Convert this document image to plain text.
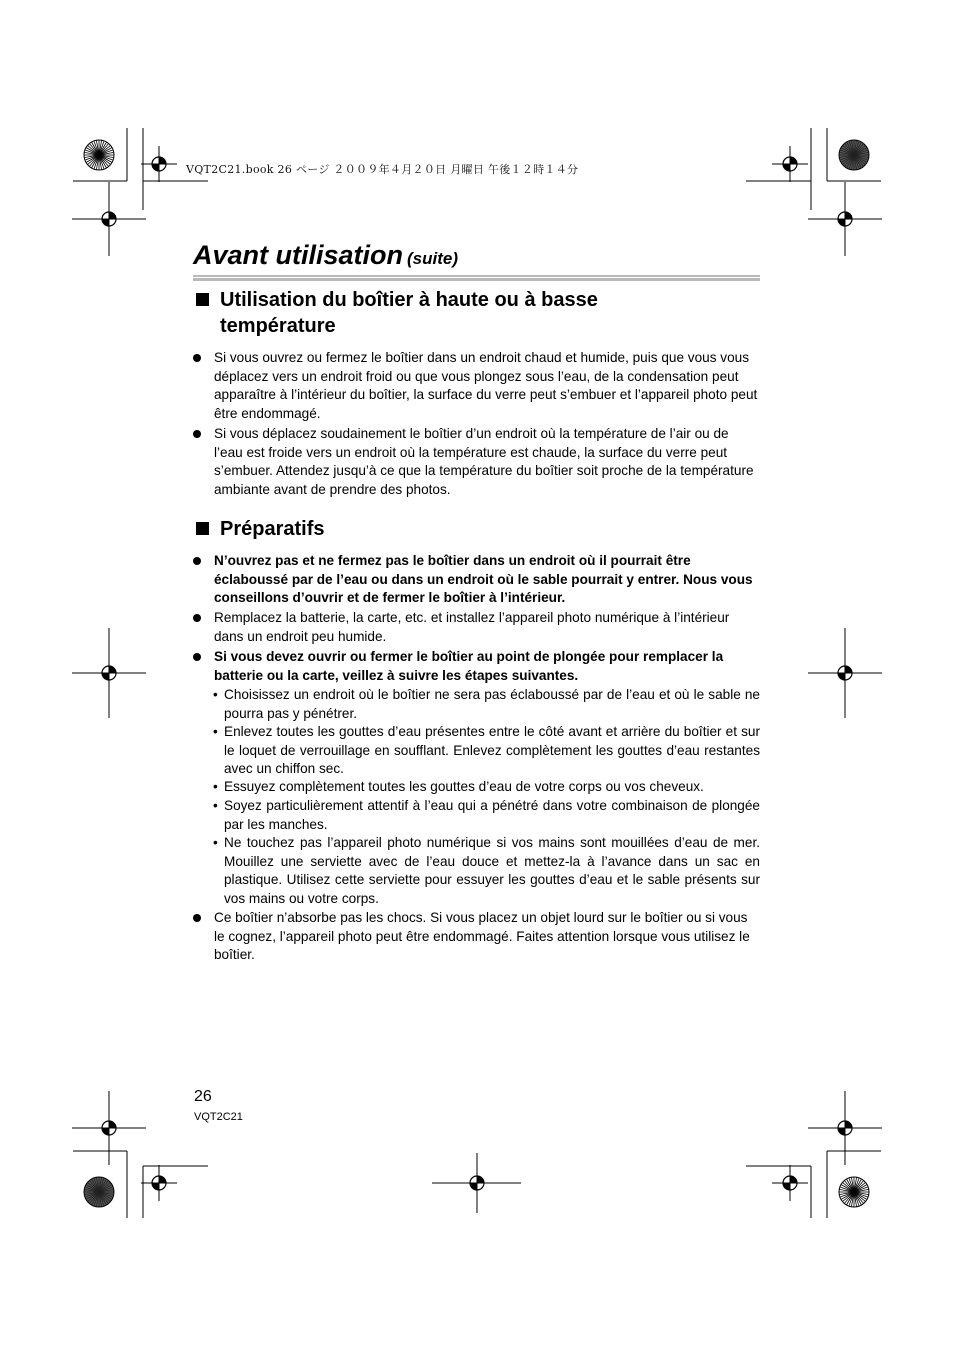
VQT2C21.book 26 ページ ２００９年４月２０日 月曜日 午後１２時１４分
Avant utilisation (suite)
Utilisation du boîtier à haute ou à basse
température
Si vous ouvrez ou fermez le boîtier dans un endroit chaud et humide, puis que vous vous déplacez vers un endroit froid ou que vous plongez sous l’eau, de la condensation peut apparaître à l’intérieur du boîtier, la surface du verre peut s’embuer et l’appareil photo peut être endommagé.
Si vous déplacez soudainement le boîtier d’un endroit où la température de l’air ou de l’eau est froide vers un endroit où la température est chaude, la surface du verre peut s’embuer. Attendez jusqu’à ce que la température du boîtier soit proche de la température ambiante avant de prendre des photos.
Préparatifs
N’ouvrez pas et ne fermez pas le boîtier dans un endroit où il pourrait être éclaboussé par de l’eau ou dans un endroit où le sable pourrait y entrer. Nous vous conseillons d’ouvrir et de fermer le boîtier à l’intérieur.
Remplacez la batterie, la carte, etc. et installez l’appareil photo numérique à l’intérieur dans un endroit peu humide.
Si vous devez ouvrir ou fermer le boîtier au point de plongée pour remplacer la batterie ou la carte, veillez à suivre les étapes suivantes.
• Choisissez un endroit où le boîtier ne sera pas éclaboussé par de l’eau et où le sable ne pourra pas y pénétrer.
• Enlevez toutes les gouttes d’eau présentes entre le côté avant et arrière du boîtier et sur le loquet de verrouillage en soufflant. Enlevez complètement les gouttes d’eau restantes avec un chiffon sec.
• Essuyez complètement toutes les gouttes d’eau de votre corps ou vos cheveux.
• Soyez particulièrement attentif à l’eau qui a pénétré dans votre combinaison de plongée par les manches.
• Ne touchez pas l’appareil photo numérique si vos mains sont mouillées d’eau de mer. Mouillez une serviette avec de l’eau douce et mettez-la à l’avance dans un sac en plastique. Utilisez cette serviette pour essuyer les gouttes d’eau et le sable présents sur vos mains ou votre corps.
Ce boîtier n’absorbe pas les chocs. Si vous placez un objet lourd sur le boîtier ou si vous le cognez, l’appareil photo peut être endommagé. Faites attention lorsque vous utilisez le boîtier.
26
VQT2C21
